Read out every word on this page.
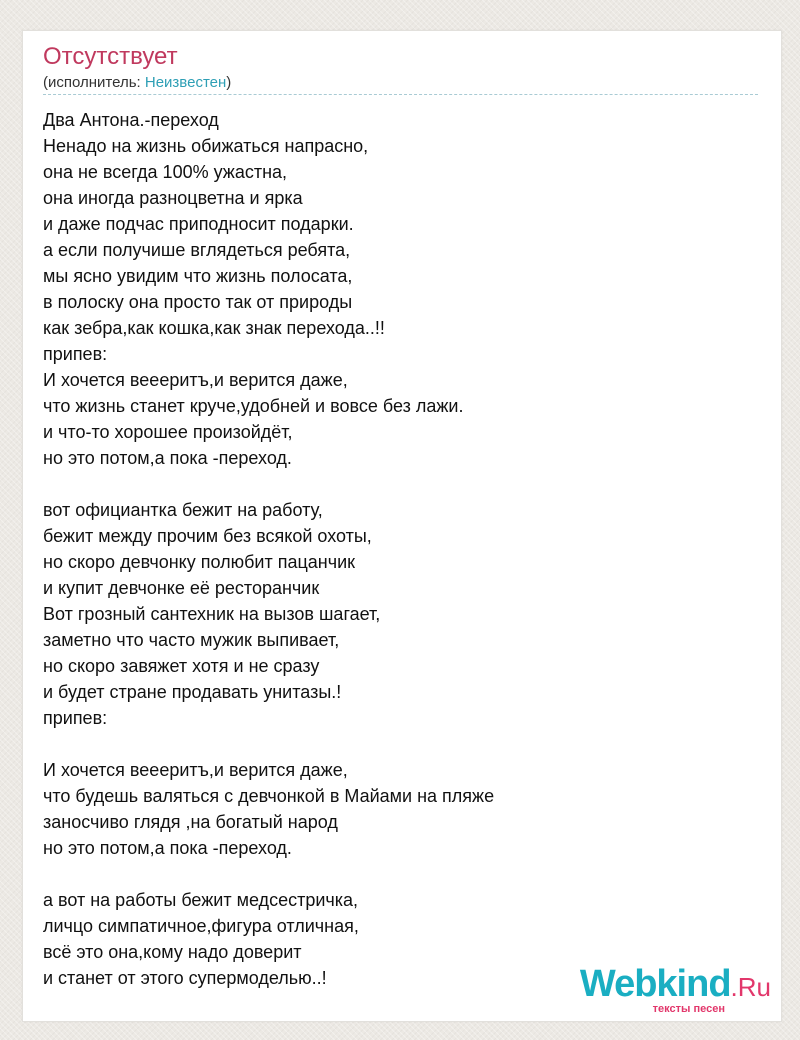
Отсутствует
(исполнитель: Неизвестен)
Два Антона.-переход
Ненадо на жизнь обижаться напрасно,
она не всегда 100% ужастна,
она иногда разноцветна и ярка
и даже подчас приподносит подарки.
а если получише вглядеться ребята,
мы ясно увидим что жизнь полосата,
в полоску она просто так от природы
как зебра,как кошка,как знак перехода..!!
припев:
И хочется веееритъ,и верится даже,
что жизнь станет круче,удобней и вовсе без лажи.
и что-то хорошее произойдёт,
но это потом,а пока -переход.
вот официантка бежит на работу,
бежит между прочим без всякой охоты,
но скоро девчонку полюбит пацанчик
и купит девчонке её ресторанчик
Вот грозный сантехник на вызов шагает,
заметно что часто мужик выпивает,
но скоро завяжет хотя и не сразу
и будет стране продавать унитазы.!
припев:
И хочется веееритъ,и верится даже,
что будешь валяться с девчонкой в Майами на пляже
заносчиво глядя ,на богатый народ
но это потом,а пока -переход.
а вот на работы бежит медсестричка,
личцо симпатичное,фигура отличная,
всё это она,кому надо доверит
и станет от этого супермоделью..!	Webkind.Ru
тексты песен
